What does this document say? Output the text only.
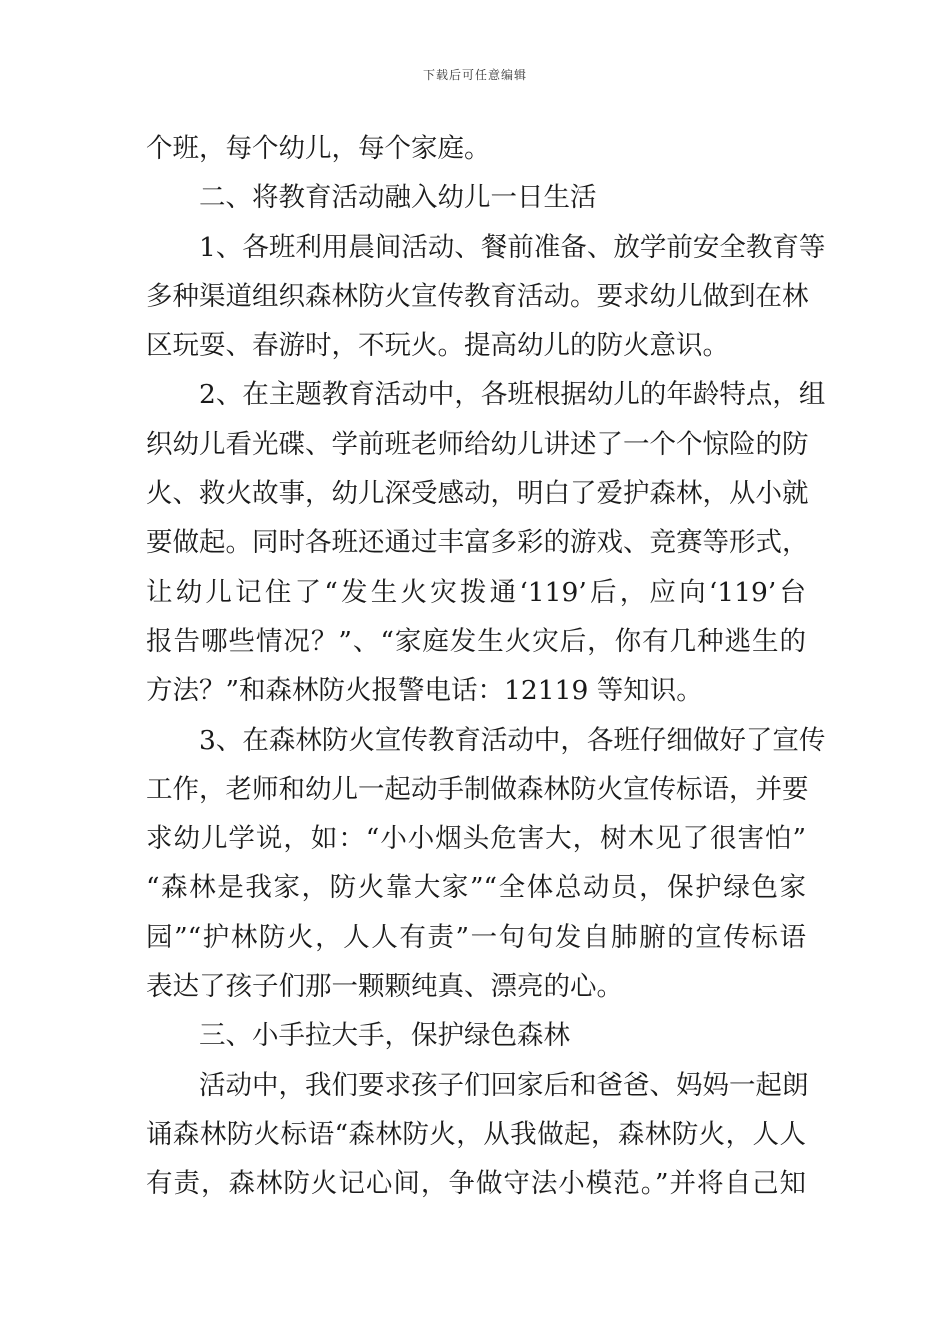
下载后可任意编辑
个班，每个幼儿，每个家庭。
二、将教育活动融入幼儿一日生活
1、各班利用晨间活动、餐前准备、放学前安全教育等
多种渠道组织森林防火宣传教育活动。要求幼儿做到在林
区玩耍、春游时，不玩火。提高幼儿的防火意识。
2、在主题教育活动中，各班根据幼儿的年龄特点，组
织幼儿看光碟、学前班老师给幼儿讲述了一个个惊险的防
火、救火故事，幼儿深受感动，明白了爱护森林，从小就
要做起。同时各班还通过丰富多彩的游戏、竞赛等形式，
让幼儿记住了“发生火灾拨通‘119’后，应向‘119’台
报告哪些情况？”、“家庭发生火灾后，你有几种逃生的
方法？”和森林防火报警电话：12119 等知识。
3、在森林防火宣传教育活动中，各班仔细做好了宣传
工作，老师和幼儿一起动手制做森林防火宣传标语，并要
求幼儿学说，如：“小小烟头危害大，树木见了很害怕”
“森林是我家，防火靠大家”“全体总动员，保护绿色家
园”“护林防火，人人有责”一句句发自肺腑的宣传标语
表达了孩子们那一颗颗纯真、漂亮的心。
三、小手拉大手，保护绿色森林
活动中，我们要求孩子们回家后和爸爸、妈妈一起朗
诵森林防火标语“森林防火，从我做起，森林防火，人人
有责，森林防火记心间，争做守法小模范。”并将自己知
